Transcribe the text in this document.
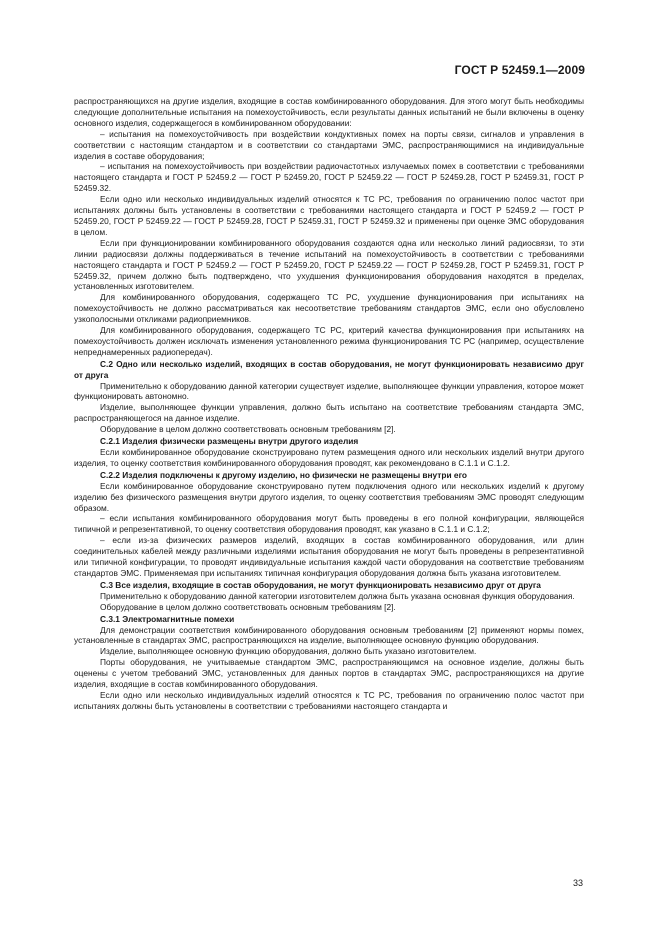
ГОСТ Р 52459.1—2009

распространяющихся на другие изделия, входящие в состав комбинированного оборудования. Для этого могут быть необходимы следующие дополнительные испытания на помехоустойчивость, если результаты данных испытаний не были включены в оценку основного изделия, содержащегося в комбинированном оборудовании:

– испытания на помехоустойчивость при воздействии кондуктивных помех на порты связи, сигналов и управления в соответствии с настоящим стандартом и в соответствии со стандартами ЭМС, распространяющимися на индивидуальные изделия в составе оборудования;

– испытания на помехоустойчивость при воздействии радиочастотных излучаемых помех в соответствии с требованиями настоящего стандарта и ГОСТ Р 52459.2 — ГОСТ Р 52459.20, ГОСТ Р 52459.22 — ГОСТ Р 52459.28, ГОСТ Р 52459.31, ГОСТ Р 52459.32.

Если одно или несколько индивидуальных изделий относятся к ТС РС, требования по ограничению полос частот при испытаниях должны быть установлены в соответствии с требованиями настоящего стандарта и ГОСТ Р 52459.2 — ГОСТ Р 52459.20, ГОСТ Р 52459.22 — ГОСТ Р 52459.28, ГОСТ Р 52459.31, ГОСТ Р 52459.32 и применены при оценке ЭМС оборудования в целом.

Если при функционировании комбинированного оборудования создаются одна или несколько линий радиосвязи, то эти линии радиосвязи должны поддерживаться в течение испытаний на помехоустойчивость в соответствии с требованиями настоящего стандарта и ГОСТ Р 52459.2 — ГОСТ Р 52459.20, ГОСТ Р 52459.22 — ГОСТ Р 52459.28, ГОСТ Р 52459.31, ГОСТ Р 52459.32, причем должно быть подтверждено, что ухудшения функционирования оборудования находятся в пределах, установленных изготовителем.

Для комбинированного оборудования, содержащего ТС РС, ухудшение функционирования при испытаниях на помехоустойчивость не должно рассматриваться как несоответствие требованиям стандартов ЭМС, если оно обусловлено узкополосными откликами радиоприемников.

Для комбинированного оборудования, содержащего ТС РС, критерий качества функционирования при испытаниях на помехоустойчивость должен исключать изменения установленного режима функционирования ТС РС (например, осуществление непреднамеренных радиопередач).

С.2 Одно или несколько изделий, входящих в состав оборудования, не могут функционировать независимо друг от друга

Применительно к оборудованию данной категории существует изделие, выполняющее функции управления, которое может функционировать автономно.

Изделие, выполняющее функции управления, должно быть испытано на соответствие требованиям стандарта ЭМС, распространяющегося на данное изделие.

Оборудование в целом должно соответствовать основным требованиям [2].

С.2.1 Изделия физически размещены внутри другого изделия

Если комбинированное оборудование сконструировано путем размещения одного или нескольких изделий внутри другого изделия, то оценку соответствия комбинированного оборудования проводят, как рекомендовано в С.1.1 и С.1.2.

С.2.2 Изделия подключены к другому изделию, но физически не размещены внутри его

Если комбинированное оборудование сконструировано путем подключения одного или нескольких изделий к другому изделию без физического размещения внутри другого изделия, то оценку соответствия требованиям ЭМС проводят следующим образом.

– если испытания комбинированного оборудования могут быть проведены в его полной конфигурации, являющейся типичной и репрезентативной, то оценку соответствия оборудования проводят, как указано в С.1.1 и С.1.2;

– если из-за физических размеров изделий, входящих в состав комбинированного оборудования, или длин соединительных кабелей между различными изделиями испытания оборудования не могут быть проведены в репрезентативной или типичной конфигурации, то проводят индивидуальные испытания каждой части оборудования на соответствие требованиям стандартов ЭМС. Применяемая при испытаниях типичная конфигурация оборудования должна быть указана изготовителем.

С.3 Все изделия, входящие в состав оборудования, не могут функционировать независимо друг от друга

Применительно к оборудованию данной категории изготовителем должна быть указана основная функция оборудования.

Оборудование в целом должно соответствовать основным требованиям [2].

С.3.1 Электромагнитные помехи

Для демонстрации соответствия комбинированного оборудования основным требованиям [2] применяют нормы помех, установленные в стандартах ЭМС, распространяющихся на изделие, выполняющее основную функцию оборудования.

Изделие, выполняющее основную функцию оборудования, должно быть указано изготовителем.

Порты оборудования, не учитываемые стандартом ЭМС, распространяющимся на основное изделие, должны быть оценены с учетом требований ЭМС, установленных для данных портов в стандартах ЭМС, распространяющихся на другие изделия, входящие в состав комбинированного оборудования.

Если одно или несколько индивидуальных изделий относятся к ТС РС, требования по ограничению полос частот при испытаниях должны быть установлены в соответствии с требованиями настоящего стандарта и

33
